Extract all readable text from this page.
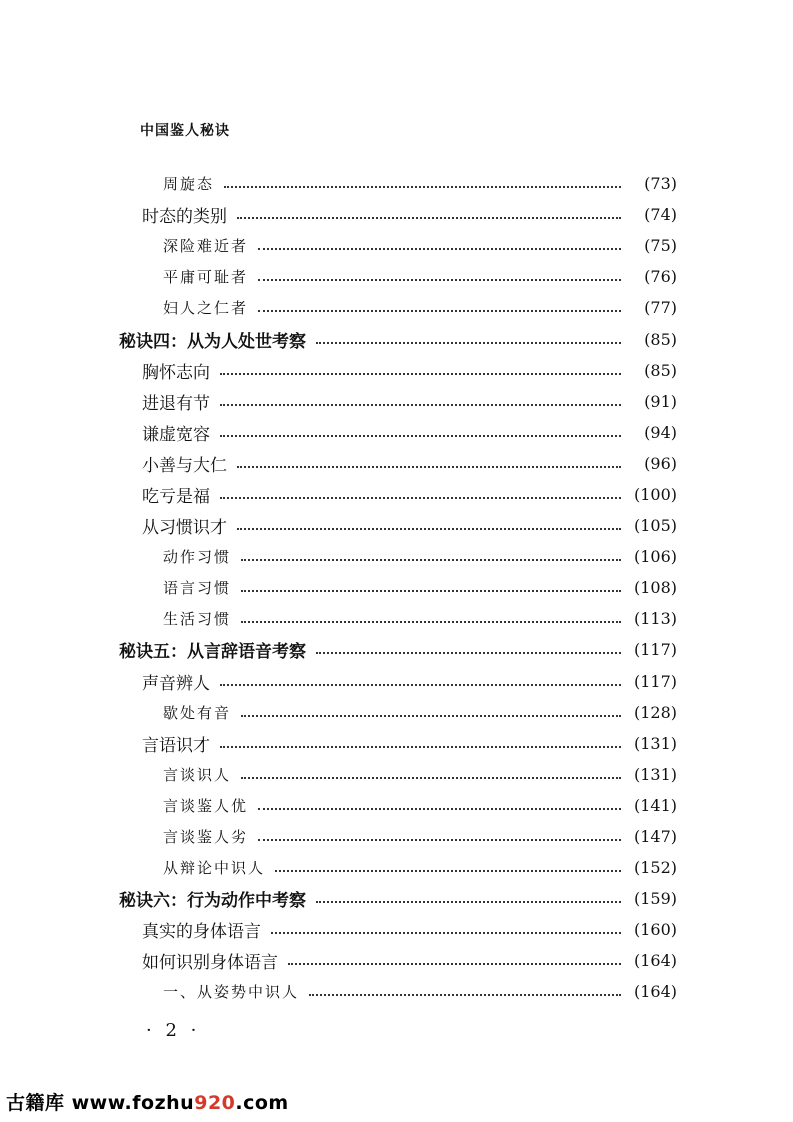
中国鉴人秘诀
周旋态	(73)
时态的类别	(74)
深险难近者	(75)
平庸可耻者	(76)
妇人之仁者	(77)
秘诀四：从为人处世考察	(85)
胸怀志向	(85)
进退有节	(91)
谦虚宽容	(94)
小善与大仁	(96)
吃亏是福	(100)
从习惯识才	(105)
动作习惯	(106)
语言习惯	(108)
生活习惯	(113)
秘诀五：从言辞语音考察	(117)
声音辨人	(117)
歇处有音	(128)
言语识才	(131)
言谈识人	(131)
言谈鉴人优	(141)
言谈鉴人劣	(147)
从辩论中识人	(152)
秘诀六：行为动作中考察	(159)
真实的身体语言	(160)
如何识别身体语言	(164)
一、从姿势中识人	(164)
· 2 ·
古籍库 www.fozhu920.com
